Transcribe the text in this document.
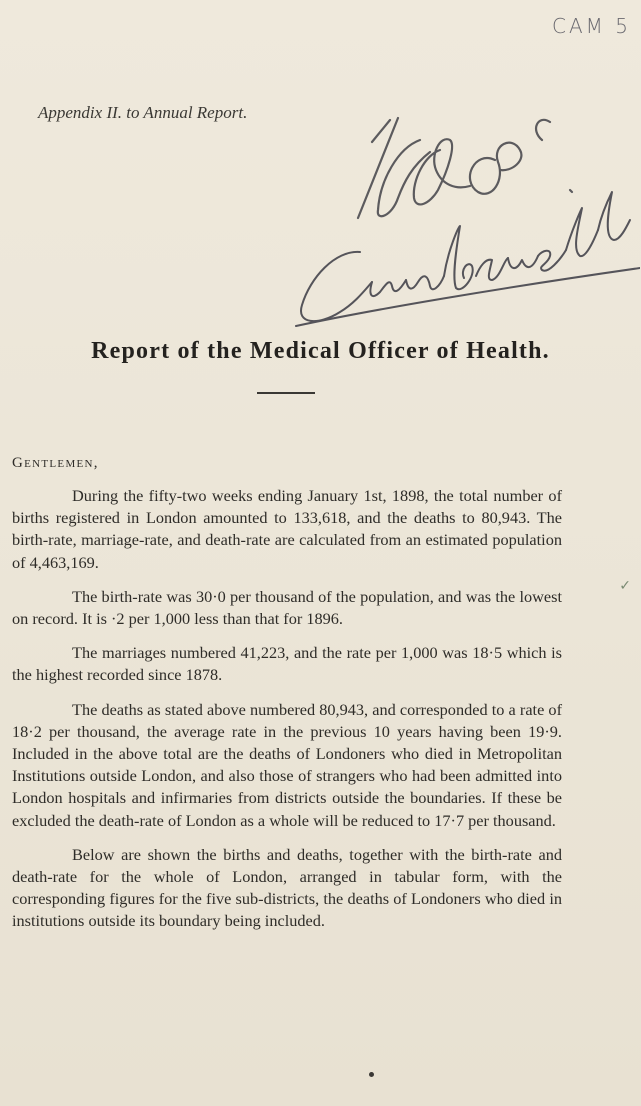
CAM 5
Appendix II. to Annual Report.
Report of the Medical Officer of Health.
Gentlemen,

During the fifty-two weeks ending January 1st, 1898, the total number of births registered in London amounted to 133,618, and the deaths to 80,943. The birth-rate, marriage-rate, and death-rate are calculated from an estimated population of 4,463,169.

The birth-rate was 30·0 per thousand of the population, and was the lowest on record. It is ·2 per 1,000 less than that for 1896.

The marriages numbered 41,223, and the rate per 1,000 was 18·5 which is the highest recorded since 1878.

The deaths as stated above numbered 80,943, and corresponded to a rate of 18·2 per thousand, the average rate in the previous 10 years having been 19·9. Included in the above total are the deaths of Londoners who died in Metropolitan Institutions outside London, and also those of strangers who had been admitted into London hospitals and infirmaries from districts outside the boundaries. If these be excluded the death-rate of London as a whole will be reduced to 17·7 per thousand.

Below are shown the births and deaths, together with the birth-rate and death-rate for the whole of London, arranged in tabular form, with the corresponding figures for the five sub-districts, the deaths of Londoners who died in institutions outside its boundary being included.

✓
